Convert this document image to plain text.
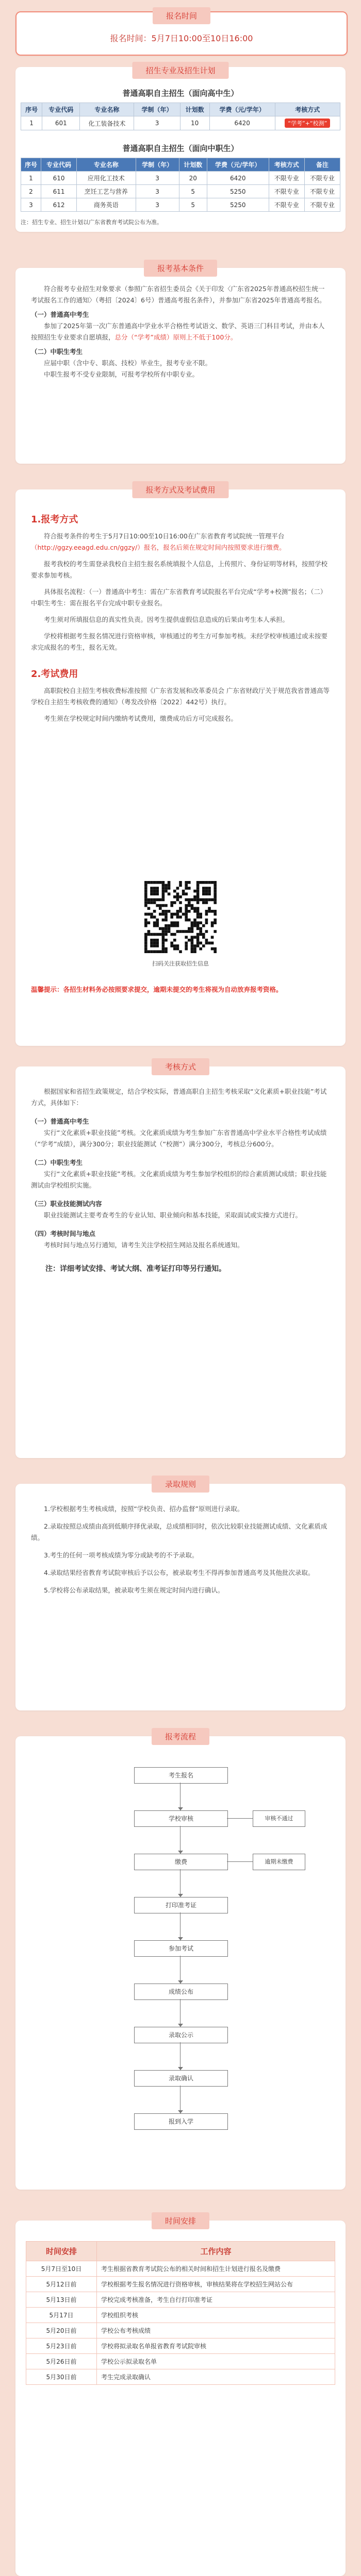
报名时间

报名时间：5月7日10:00至10日16:00

招生专业及招生计划
普通高职自主招生（面向高中生）
序号	专业代码	专业名称	学制（年）	计划数	学费（元/学年）	考核方式
1	601	化工装备技术	3	10	6420	“学考”+“校测”
普通高职自主招生（面向中职生）
序号	专业代码	专业名称	学制（年）	计划数	学费（元/学年）	考核方式	备注
1	610	应用化工技术	3	20	6420	不限专业	不限专业
2	611	烹饪工艺与营养	3	5	5250	不限专业	不限专业
3	612	商务英语	3	5	5250	不限专业	不限专业

注：招生专业、招生计划以广东省教育考试院公布为准。

报考基本条件

符合报考专业招生对象要求（参照广东省招生委员会《关于印发〈广东省2025年普通高校招生统一考试报名工作的通知〉（粤招〔2024〕6号）普通高考报名条件），并参加广东省2025年普通高考报名。

（一）普通高中考生

参加了2025年第一次广东普通高中学业水平合格性考试语文、数学、英语三门科目考试，并由本人按照招生专业要求自愿填报，总分（“学考”成绩）原则上不低于100分。

（二）中职生考生

应届中职（含中专、职高、技校）毕业生，报考专业不限。

中职生报考不受专业限制，可报考学校所有中职专业。

报考方式及考试费用

1.报考方式

符合报考条件的考生于5月7日10:00至10日16:00在广东省教育考试院统一管理平台（http://ggzy.eeagd.edu.cn/ggzy/）报名，报名后须在规定时间内按照要求进行缴费。

报考我校的考生需登录我校自主招生报名系统填报个人信息，上传照片、身份证明等材料，按照学校要求参加考核。

具体报名流程：（一）普通高中考生：需在广东省教育考试院报名平台完成“学考+校测”报名；（二）中职生考生：需在报名平台完成中职专业报名。

考生须对所填报信息的真实性负责。因考生提供虚假信息造成的后果由考生本人承担。

学校将根据考生报名情况进行资格审核，审核通过的考生方可参加考核。未经学校审核通过或未按要求完成报名的考生，报名无效。

2.考试费用

高职院校自主招生考核收费标准按照《广东省发展和改革委员会 广东省财政厅关于规范我省普通高等学校自主招生考核收费的通知》（粤发改价格〔2022〕442号）执行。

考生须在学校规定时间内缴纳考试费用，缴费成功后方可完成报名。

扫码关注获取招生信息

温馨提示：各招生材料务必按照要求提交，逾期未提交的考生将视为自动放弃报考资格。

考核方式

根据国家和省招生政策规定，结合学校实际，普通高职自主招生考核采取“文化素质+职业技能”考试方式，具体如下：

（一）普通高中考生

实行“文化素质+职业技能”考核。文化素质成绩为考生参加广东省普通高中学业水平合格性考试成绩（“学考”成绩），满分300分；职业技能测试（“校测”）满分300分，考核总分600分。

（二）中职生考生

实行“文化素质+职业技能”考核。文化素质成绩为考生参加学校组织的综合素质测试成绩；职业技能测试由学校组织实施。

（三）职业技能测试内容

职业技能测试主要考查考生的专业认知、职业倾向和基本技能，采取面试或实操方式进行。

（四）考核时间与地点

考核时间与地点另行通知，请考生关注学校招生网站及报名系统通知。

注：详细考试安排、考试大纲、准考证打印等另行通知。

录取规则

1.学校根据考生考核成绩，按照“学校负责、招办监督”原则进行录取。

2.录取按照总成绩由高到低顺序择优录取，总成绩相同时，依次比较职业技能测试成绩、文化素质成绩。

3.考生的任何一项考核成绩为零分或缺考的不予录取。

4.录取结果经省教育考试院审核后予以公布，被录取考生不得再参加普通高考及其他批次录取。

5.学校将公布录取结果，被录取考生须在规定时间内进行确认。

报考流程
考生报名
学校审核
缴费
打印准考证
参加考试
成绩公布
录取公示
录取确认
报到入学
审核不通过
逾期未缴费
时间安排
时间安排	工作内容
5月7日至10日	考生根据省教育考试院公布的相关时间和招生计划进行报名及缴费
5月12日前	学校根据考生报名情况进行资格审核，审核结果将在学校招生网站公布
5月13日前	学校完成考核准备，考生自行打印准考证
5月17日	学校组织考核
5月20日前	学校公布考核成绩
5月23日前	学校将拟录取名单报省教育考试院审核
5月26日前	学校公示拟录取名单
5月30日前	考生完成录取确认
